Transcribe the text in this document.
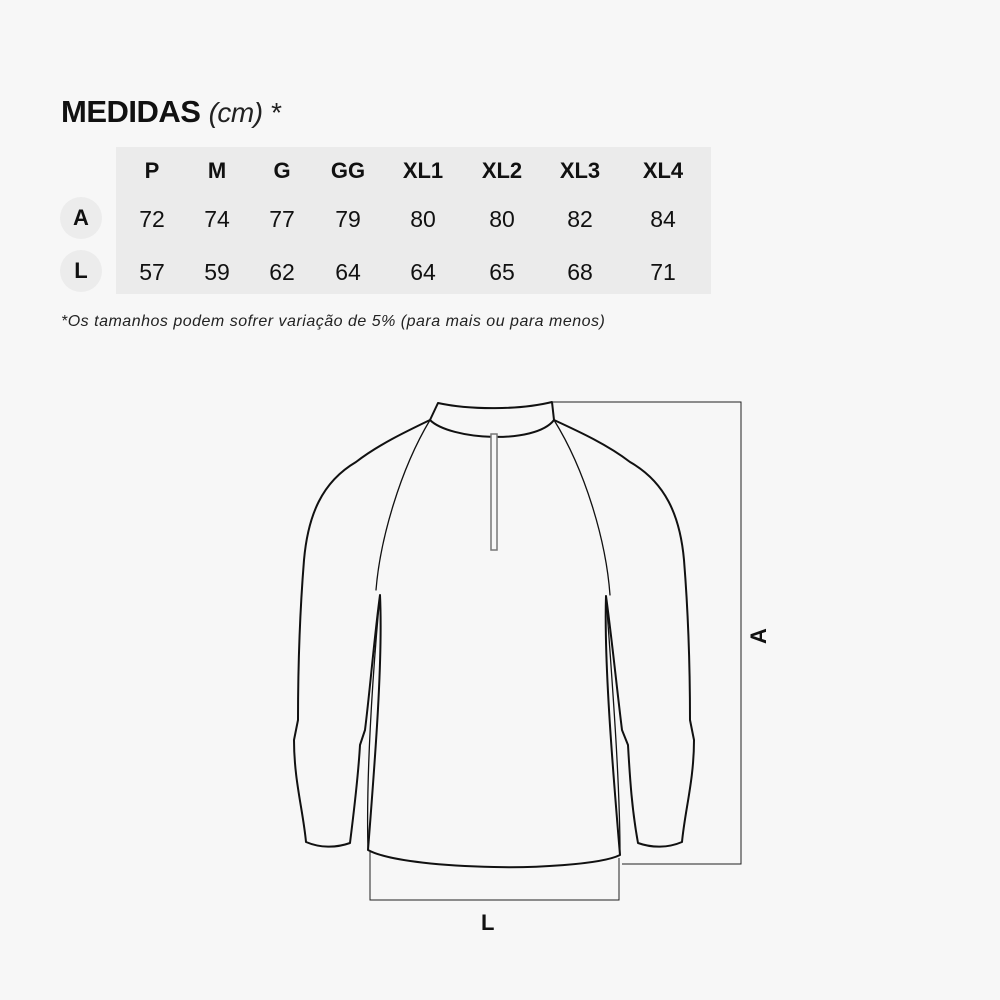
MEDIDAS (cm) *
P	M	G	GG	XL1	XL2	XL3	XL4
A	72	74	77	79	80	80	82	84
L	57	59	62	64	64	65	68	71
*Os tamanhos podem sofrer variação de 5% (para mais ou para menos)
A
L
